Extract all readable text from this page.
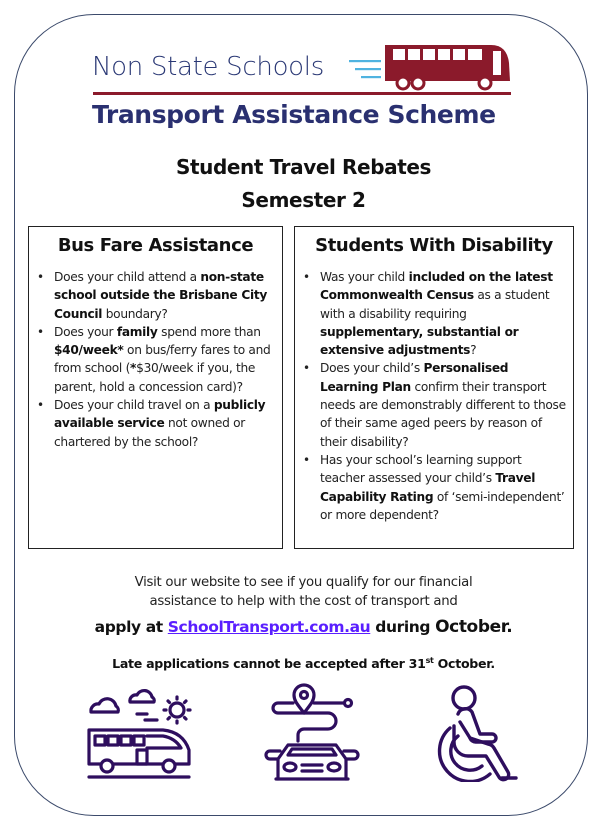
Non State Schools
Transport Assistance Scheme
Student Travel Rebates
Semester 2
Bus Fare Assistance
• Does your child attend a non-state school outside the Brisbane City Council boundary?
• Does your family spend more than $40/week* on bus/ferry fares to and from school (*$30/week if you, the parent, hold a concession card)?
• Does your child travel on a publicly available service not owned or chartered by the school?
Students With Disability
• Was your child included on the latest Commonwealth Census as a student with a disability requiring supplementary, substantial or extensive adjustments?
• Does your child’s Personalised Learning Plan confirm their transport needs are demonstrably different to those of their same aged peers by reason of their disability?
• Has your school’s learning support teacher assessed your child’s Travel Capability Rating of ‘semi-independent’ or more dependent?
Visit our website to see if you qualify for our financial
assistance to help with the cost of transport and
apply at SchoolTransport.com.au during October.
Late applications cannot be accepted after 31st October.
